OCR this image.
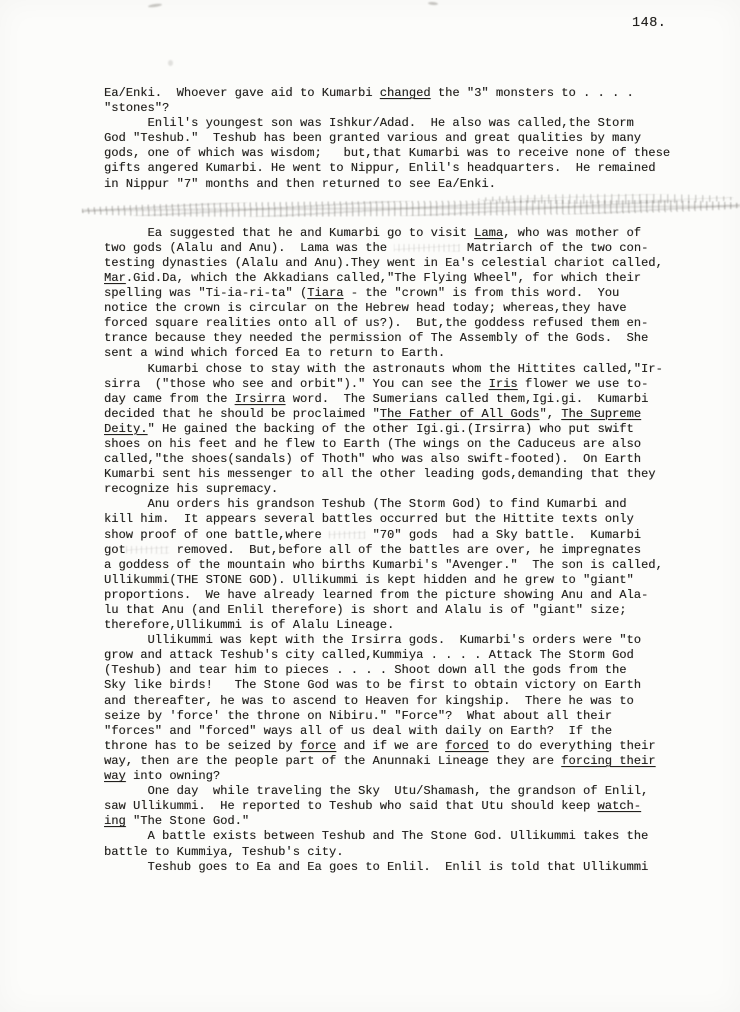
148.
Ea/Enki.  Whoever gave aid to Kumarbi changed the "3" monsters to . . . .
"stones"?
Enlil's youngest son was Ishkur/Adad.  He also was called,the Storm
God "Teshub."  Teshub has been granted various and great qualities by many
gods, one of which was wisdom;   but,that Kumarbi was to receive none of these
gifts angered Kumarbi. He went to Nippur, Enlil's headquarters.  He remained
in Nippur "7" months and then returned to see Ea/Enki.
Ea suggested that he and Kumarbi go to visit Lama, who was mother of
two gods (Alalu and Anu).  Lama was the	Matriarch of the two con-
testing dynasties (Alalu and Anu).They went in Ea's celestial chariot called,
Mar.Gid.Da, which the Akkadians called,"The Flying Wheel", for which their
spelling was "Ti-ia-ri-ta" (Tiara - the "crown" is from this word.  You
notice the crown is circular on the Hebrew head today; whereas,they have
forced square realities onto all of us?).  But,the goddess refused them en-
trance because they needed the permission of The Assembly of the Gods.  She
sent a wind which forced Ea to return to Earth.
Kumarbi chose to stay with the astronauts whom the Hittites called,"Ir-
sirra  ("those who see and orbit")." You can see the Iris flower we use to-
day came from the Irsirra word.  The Sumerians called them,Igi.gi.  Kumarbi
decided that he should be proclaimed "The Father of All Gods", The Supreme
Deity." He gained the backing of the other Igi.gi.(Irsirra) who put swift
shoes on his feet and he flew to Earth (The wings on the Caduceus are also
called,"the shoes(sandals) of Thoth" who was also swift-footed).  On Earth
Kumarbi sent his messenger to all the other leading gods,demanding that they
recognize his supremacy.
Anu orders his grandson Teshub (The Storm God) to find Kumarbi and
kill him.  It appears several battles occurred but the Hittite texts only
show proof of one battle,where	"70" gods  had a Sky battle.  Kumarbi
got	removed.  But,before all of the battles are over, he impregnates
a goddess of the mountain who births Kumarbi's "Avenger."  The son is called,
Ullikummi(THE STONE GOD). Ullikummi is kept hidden and he grew to "giant"
proportions.  We have already learned from the picture showing Anu and Ala-
lu that Anu (and Enlil therefore) is short and Alalu is of "giant" size;
therefore,Ullikummi is of Alalu Lineage.
Ullikummi was kept with the Irsirra gods.  Kumarbi's orders were "to
grow and attack Teshub's city called,Kummiya . . . . Attack The Storm God
(Teshub) and tear him to pieces . . . . Shoot down all the gods from the
Sky like birds!   The Stone God was to be first to obtain victory on Earth
and thereafter, he was to ascend to Heaven for kingship.  There he was to
seize by 'force' the throne on Nibiru." "Force"?  What about all their
"forces" and "forced" ways all of us deal with daily on Earth?  If the
throne has to be seized by force and if we are forced to do everything their
way, then are the people part of the Anunnaki Lineage they are forcing their
way into owning?
One day  while traveling the Sky  Utu/Shamash, the grandson of Enlil,
saw Ullikummi.  He reported to Teshub who said that Utu should keep watch-
ing "The Stone God."
A battle exists between Teshub and The Stone God. Ullikummi takes the
battle to Kummiya, Teshub's city.
Teshub goes to Ea and Ea goes to Enlil.  Enlil is told that Ullikummi
